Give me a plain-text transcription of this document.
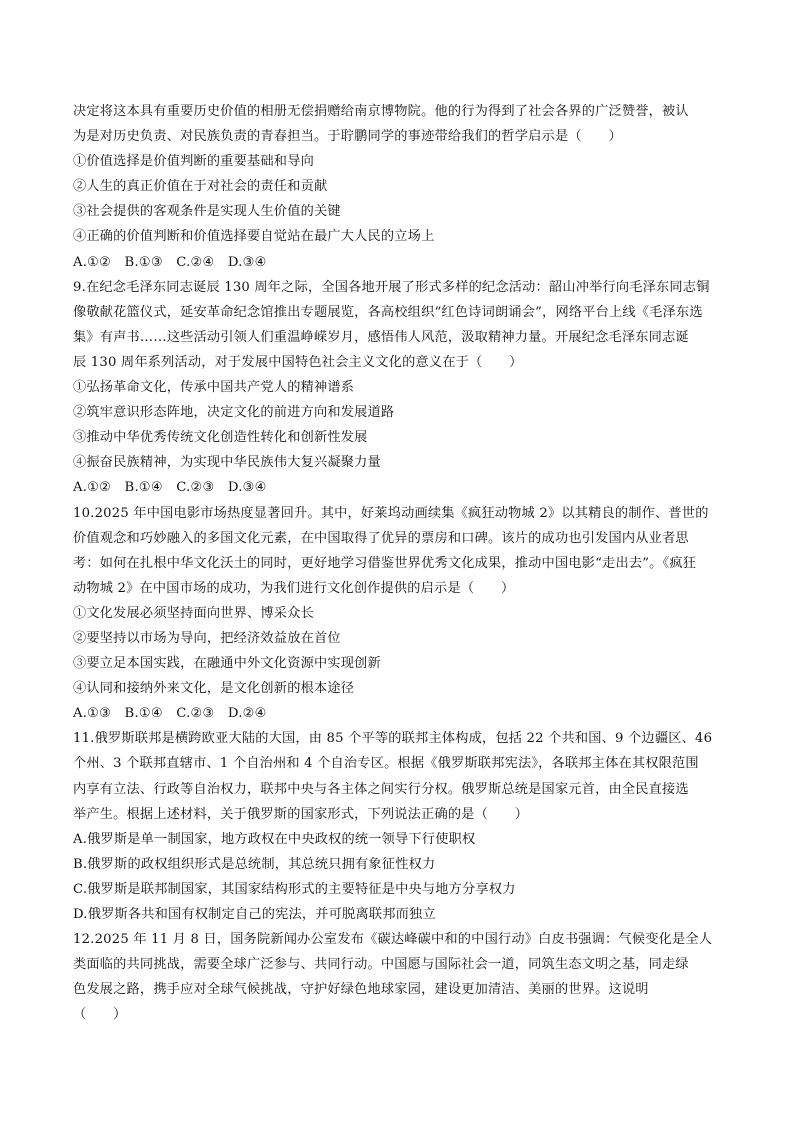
决定将这本具有重要历史价值的相册无偿捐赠给南京博物院。他的行为得到了社会各界的广泛赞誉，被认
为是对历史负责、对民族负责的青春担当。于聍鹏同学的事迹带给我们的哲学启示是（　　）
①价值选择是价值判断的重要基础和导向
②人生的真正价值在于对社会的责任和贡献
③社会提供的客观条件是实现人生价值的关键
④正确的价值判断和价值选择要自觉站在最广大人民的立场上
A.①②　B.①③　C.②④　D.③④
9.在纪念毛泽东同志诞辰 130 周年之际，全国各地开展了形式多样的纪念活动：韶山冲举行向毛泽东同志铜
像敬献花篮仪式，延安革命纪念馆推出专题展览，各高校组织“红色诗词朗诵会”，网络平台上线《毛泽东选
集》有声书……这些活动引领人们重温峥嵘岁月，感悟伟人风范，汲取精神力量。开展纪念毛泽东同志诞
辰 130 周年系列活动，对于发展中国特色社会主义文化的意义在于（　　）
①弘扬革命文化，传承中国共产党人的精神谱系
②筑牢意识形态阵地，决定文化的前进方向和发展道路
③推动中华优秀传统文化创造性转化和创新性发展
④振奋民族精神，为实现中华民族伟大复兴凝聚力量
A.①②　B.①④　C.②③　D.③④
10.2025 年中国电影市场热度显著回升。其中，好莱坞动画续集《疯狂动物城 2》以其精良的制作、普世的
价值观念和巧妙融入的多国文化元素，在中国取得了优异的票房和口碑。该片的成功也引发国内从业者思
考：如何在扎根中华文化沃土的同时，更好地学习借鉴世界优秀文化成果，推动中国电影“走出去”。《疯狂
动物城 2》在中国市场的成功，为我们进行文化创作提供的启示是（　　）
①文化发展必须坚持面向世界、博采众长
②要坚持以市场为导向，把经济效益放在首位
③要立足本国实践，在融通中外文化资源中实现创新
④认同和接纳外来文化，是文化创新的根本途径
A.①③　B.①④　C.②③　D.②④
11.俄罗斯联邦是横跨欧亚大陆的大国，由 85 个平等的联邦主体构成，包括 22 个共和国、9 个边疆区、46
个州、3 个联邦直辖市、1 个自治州和 4 个自治专区。根据《俄罗斯联邦宪法》，各联邦主体在其权限范围
内享有立法、行政等自治权力，联邦中央与各主体之间实行分权。俄罗斯总统是国家元首，由全民直接选
举产生。根据上述材料，关于俄罗斯的国家形式，下列说法正确的是（　　）
A.俄罗斯是单一制国家，地方政权在中央政权的统一领导下行使职权
B.俄罗斯的政权组织形式是总统制，其总统只拥有象征性权力
C.俄罗斯是联邦制国家，其国家结构形式的主要特征是中央与地方分享权力
D.俄罗斯各共和国有权制定自己的宪法，并可脱离联邦而独立
12.2025 年 11 月 8 日，国务院新闻办公室发布《碳达峰碳中和的中国行动》白皮书强调：气候变化是全人
类面临的共同挑战，需要全球广泛参与、共同行动。中国愿与国际社会一道，同筑生态文明之基，同走绿
色发展之路，携手应对全球气候挑战，守护好绿色地球家园，建设更加清洁、美丽的世界。这说明
（　　）
